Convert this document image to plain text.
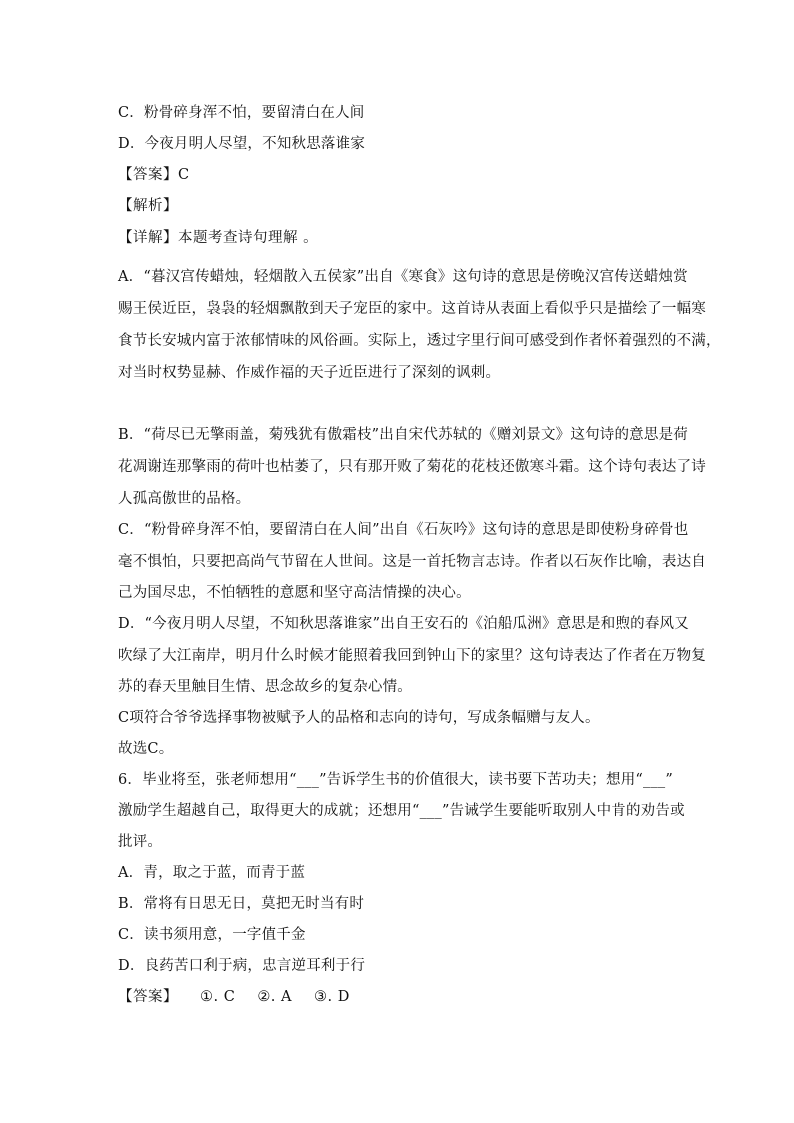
C．粉骨碎身浑不怕，要留清白在人间
D．今夜月明人尽望，不知秋思落谁家
【答案】C
【解析】
【详解】本题考查诗句理解 。
A．“暮汉宫传蜡烛，轻烟散入五侯家”出自《寒食》这句诗的意思是傍晚汉宫传送蜡烛赏
赐王侯近臣，袅袅的轻烟飘散到天子宠臣的家中。这首诗从表面上看似乎只是描绘了一幅寒
食节长安城内富于浓郁情味的风俗画。实际上，透过字里行间可感受到作者怀着强烈的不满，
对当时权势显赫、作威作福的天子近臣进行了深刻的讽刺。
B．“荷尽已无擎雨盖，菊残犹有傲霜枝”出自宋代苏轼的《赠刘景文》这句诗的意思是荷
花凋谢连那擎雨的荷叶也枯萎了，只有那开败了菊花的花枝还傲寒斗霜。这个诗句表达了诗
人孤高傲世的品格。
C．“粉骨碎身浑不怕，要留清白在人间”出自《石灰吟》这句诗的意思是即使粉身碎骨也
毫不惧怕，只要把高尚气节留在人世间。这是一首托物言志诗。作者以石灰作比喻，表达自
己为国尽忠，不怕牺牲的意愿和坚守高洁情操的决心。
D．“今夜月明人尽望，不知秋思落谁家”出自王安石的《泊船瓜洲》意思是和煦的春风又
吹绿了大江南岸，明月什么时候才能照着我回到钟山下的家里？这句诗表达了作者在万物复
苏的春天里触目生情、思念故乡的复杂心情。
C项符合爷爷选择事物被赋予人的品格和志向的诗句，写成条幅赠与友人。
故选C。
6．毕业将至，张老师想用“___”告诉学生书的价值很大，读书要下苦功夫；想用“___”
激励学生超越自己，取得更大的成就；还想用“___”告诫学生要能听取别人中肯的劝告或
批评。
A．青，取之于蓝，而青于蓝
B．常将有日思无日，莫把无时当有时
C．读书须用意，一字值千金
D．良药苦口利于病，忠言逆耳利于行
【答案】 ①. C ②. A ③. D
